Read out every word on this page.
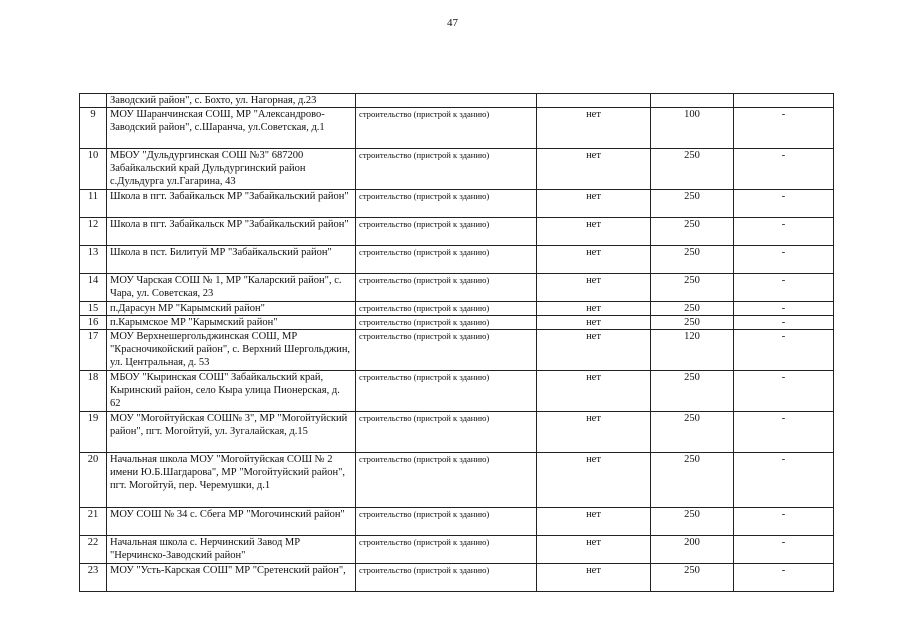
47
	Заводский район", с. Бохто, ул. Нагорная, д.23				
9	МОУ Шаранчинская СОШ, МР "Александрово-Заводский район", с.Шаранча, ул.Советская, д.1	строительство (пристрой к зданию)	нет	100	-
10	МБОУ "Дульдургинская СОШ №3" 687200 Забайкальский край Дульдургинский район с.Дульдурга ул.Гагарина, 43	строительство (пристрой к зданию)	нет	250	-
11	Школа в пгт. Забайкальск МР "Забайкальский район"	строительство (пристрой к зданию)	нет	250	-
12	Школа в пгт. Забайкальск МР "Забайкальский район"	строительство (пристрой к зданию)	нет	250	-
13	Школа в пст. Билитуй МР "Забайкальский район"	строительство (пристрой к зданию)	нет	250	-
14	МОУ Чарская СОШ № 1, МР "Каларский район", с. Чара, ул. Советская, 23	строительство (пристрой к зданию)	нет	250	-
15	п.Дарасун МР "Карымский район"	строительство (пристрой к зданию)	нет	250	-
16	п.Карымское МР "Карымский район"	строительство (пристрой к зданию)	нет	250	-
17	МОУ Верхнешергольджинская СОШ, МР "Красночикойский район", с. Верхний Шергольджин, ул. Центральная, д. 53	строительство (пристрой к зданию)	нет	120	-
18	МБОУ "Кыринская СОШ" Забайкальский край, Кыринский район, село Кыра улица Пионерская, д. 62	строительство (пристрой к зданию)	нет	250	-
19	МОУ "Могойтуйская СОШ№ 3", МР "Могойтуйский район", пгт. Могойтуй, ул. Зугалайская, д.15	строительство (пристрой к зданию)	нет	250	-
20	Начальная школа МОУ "Могойтуйская СОШ № 2 имени Ю.Б.Шагдарова", МР "Могойтуйский район", пгт. Могойтуй, пер. Черемушки, д.1	строительство (пристрой к зданию)	нет	250	-
21	МОУ СОШ № 34 с. Сбега МР "Могочинский район"	строительство (пристрой к зданию)	нет	250	-
22	Начальная школа с. Нерчинский Завод МР "Нерчинско-Заводский район"	строительство (пристрой к зданию)	нет	200	-
23	МОУ "Усть-Карская СОШ" МР "Сретенский район",	строительство (пристрой к зданию)	нет	250	-
